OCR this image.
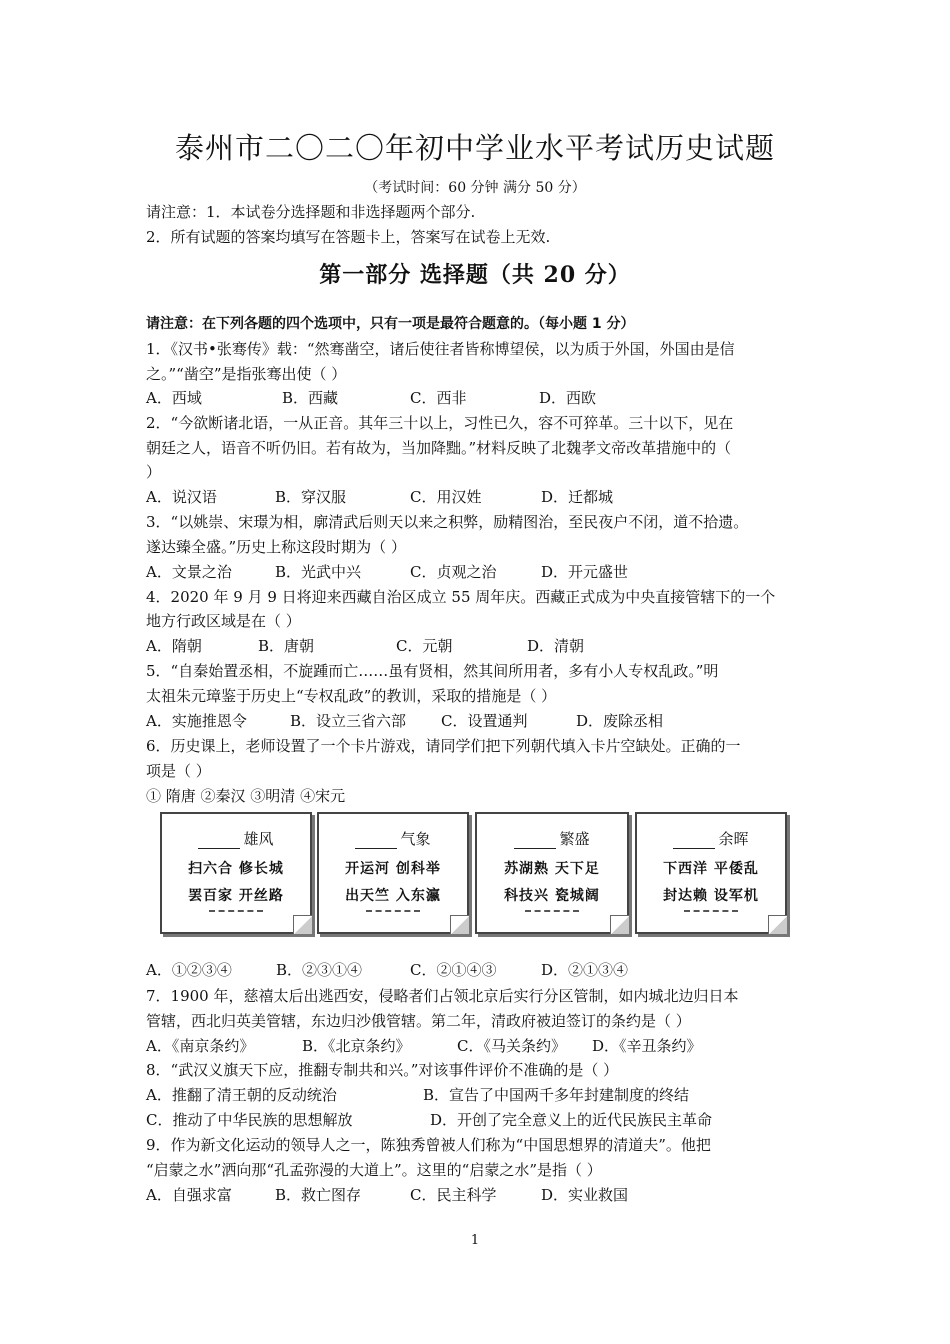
泰州市二〇二〇年初中学业水平考试历史试题
（考试时间：60 分钟 满分 50 分）
请注意：1．本试卷分选择题和非选择题两个部分.
2．所有试题的答案均填写在答题卡上，答案写在试卷上无效.
第一部分 选择题（共 20 分）
请注意：在下列各题的四个选项中，只有一项是最符合题意的。（每小题 1 分）
1．《汉书•张骞传》载：“然骞凿空，诸后使往者皆称博望侯，以为质于外国，外国由是信
之。”“凿空”是指张骞出使（ ）
A．西域	B．西藏	C．西非	D．西欧
2．“今欲断诸北语，一从正音。其年三十以上，习性已久，容不可猝革。三十以下，见在
朝廷之人，语音不听仍旧。若有故为，当加降黜。”材料反映了北魏孝文帝改革措施中的（
）
A．说汉语	B．穿汉服	C．用汉姓	D．迁都城
3．“以姚崇、宋璟为相，廓清武后则天以来之积弊，励精图治，至民夜户不闭，道不拾遗。
遂达臻全盛。”历史上称这段时期为（ ）
A．文景之治	B．光武中兴	C．贞观之治	D．开元盛世
4．2020 年 9 月 9 日将迎来西藏自治区成立 55 周年庆。西藏正式成为中央直接管辖下的一个
地方行政区域是在（ ）
A．隋朝	B．唐朝	C．元朝	D．清朝
5．“自秦始置丞相，不旋踵而亡……虽有贤相，然其间所用者，多有小人专权乱政。”明
太祖朱元璋鉴于历史上“专权乱政”的教训，采取的措施是（ ）
A．实施推恩令	B．设立三省六部 C．设置通判	D．废除丞相
6．历史课上，老师设置了一个卡片游戏，请同学们把下列朝代填入卡片空缺处。正确的一
项是（ ）
① 隋唐 ②秦汉 ③明清 ④宋元
雄风
扫六合 修长城
罢百家 开丝路
气象
开运河 创科举
出天竺 入东瀛
繁盛
苏湖熟 天下足
科技兴 瓷城阔
余晖
下西洋 平倭乱
封达赖 设军机
A．①②③④	B．②③①④	C．②①④③	D．②①③④
7．1900 年，慈禧太后出逃西安，侵略者们占领北京后实行分区管制，如内城北边归日本
管辖，西北归英美管辖，东边归沙俄管辖。第二年，清政府被迫签订的条约是（ ）
A．《南京条约》	B．《北京条约》	C．《马关条约》 D．《辛丑条约》
8．“武汉义旗天下应，推翻专制共和兴。”对该事件评价不准确的是（ ）
A．推翻了清王朝的反动统治	B．宣告了中国两千多年封建制度的终结
C．推动了中华民族的思想解放	D．开创了完全意义上的近代民族民主革命
9．作为新文化运动的领导人之一，陈独秀曾被人们称为“中国思想界的清道夫”。他把
“启蒙之水”洒向那“孔孟弥漫的大道上”。这里的“启蒙之水”是指（ ）
A．自强求富	B．救亡图存	C．民主科学	D．实业救国
1
